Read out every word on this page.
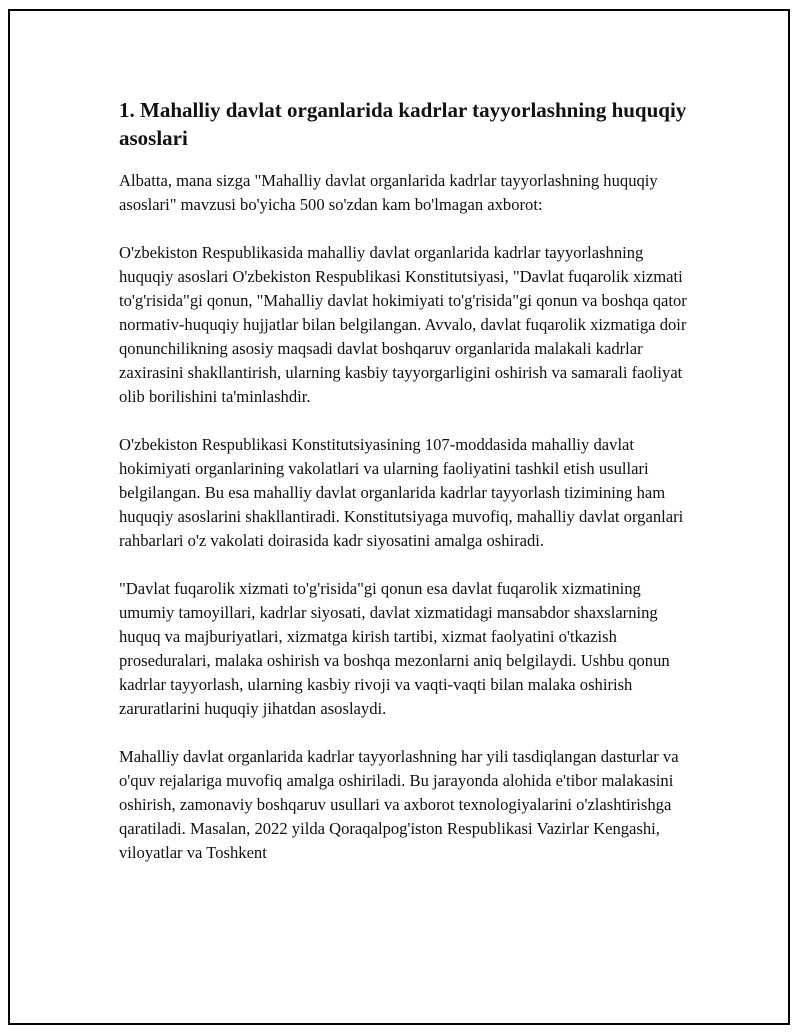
1. Mahalliy davlat organlarida kadrlar tayyorlashning huquqiy asoslari

Albatta, mana sizga "Mahalliy davlat organlarida kadrlar tayyorlashning huquqiy asoslari" mavzusi bo'yicha 500 so'zdan kam bo'lmagan axborot:

O'zbekiston Respublikasida mahalliy davlat organlarida kadrlar tayyorlashning huquqiy asoslari O'zbekiston Respublikasi Konstitutsiyasi, "Davlat fuqarolik xizmati to'g'risida"gi qonun, "Mahalliy davlat hokimiyati to'g'risida"gi qonun va boshqa qator normativ-huquqiy hujjatlar bilan belgilangan. Avvalo, davlat fuqarolik xizmatiga doir qonunchilikning asosiy maqsadi davlat boshqaruv organlarida malakali kadrlar zaxirasini shakllantirish, ularning kasbiy tayyorgarligini oshirish va samarali faoliyat olib borilishini ta'minlashdir.

O'zbekiston Respublikasi Konstitutsiyasining 107-moddasida mahalliy davlat hokimiyati organlarining vakolatlari va ularning faoliyatini tashkil etish usullari belgilangan. Bu esa mahalliy davlat organlarida kadrlar tayyorlash tizimining ham huquqiy asoslarini shakllantiradi. Konstitutsiyaga muvofiq, mahalliy davlat organlari rahbarlari o'z vakolati doirasida kadr siyosatini amalga oshiradi.

"Davlat fuqarolik xizmati to'g'risida"gi qonun esa davlat fuqarolik xizmatining umumiy tamoyillari, kadrlar siyosati, davlat xizmatidagi mansabdor shaxslarning huquq va majburiyatlari, xizmatga kirish tartibi, xizmat faolyatini o'tkazish proseduralari, malaka oshirish va boshqa mezonlarni aniq belgilaydi. Ushbu qonun kadrlar tayyorlash, ularning kasbiy rivoji va vaqti-vaqti bilan malaka oshirish zaruratlarini huquqiy jihatdan asoslaydi.

Mahalliy davlat organlarida kadrlar tayyorlashning har yili tasdiqlangan dasturlar va o'quv rejalariga muvofiq amalga oshiriladi. Bu jarayonda alohida e'tibor malakasini oshirish, zamonaviy boshqaruv usullari va axborot texnologiyalarini o'zlashtirishga qaratiladi. Masalan, 2022 yilda Qoraqalpog'iston Respublikasi Vazirlar Kengashi, viloyatlar va Toshkent
